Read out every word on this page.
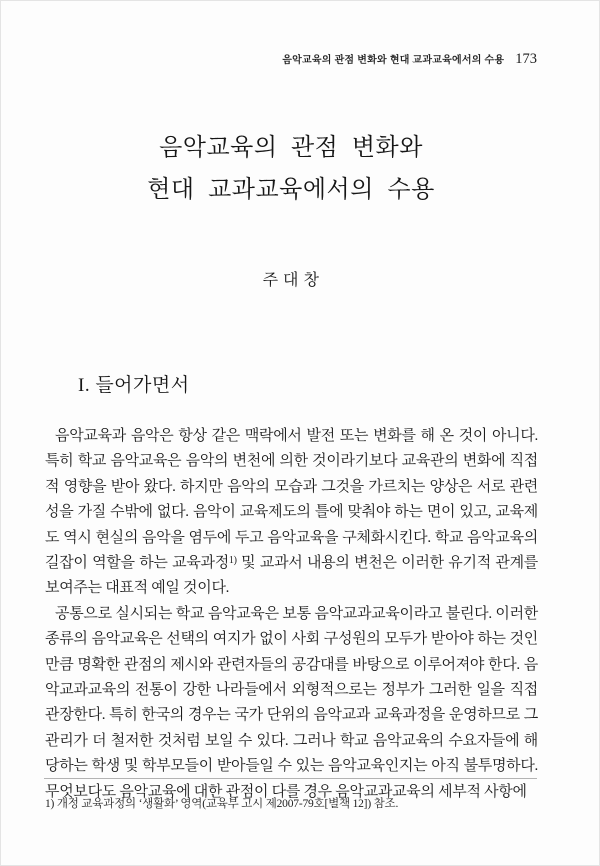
음악교육의 관점 변화와 현대 교과교육에서의 수용 173
음악교육의 관점 변화와
현대 교과교육에서의 수용
주 대 창
I. 들어가면서

음악교육과 음악은 항상 같은 맥락에서 발전 또는 변화를 해 온 것이 아니다. 특히 학교 음악교육은 음악의 변천에 의한 것이라기보다 교육관의 변화에 직접적 영향을 받아 왔다. 하지만 음악의 모습과 그것을 가르치는 양상은 서로 관련성을 가질 수밖에 없다. 음악이 교육제도의 틀에 맞춰야 하는 면이 있고, 교육제도 역시 현실의 음악을 염두에 두고 음악교육을 구체화시킨다. 학교 음악교육의 길잡이 역할을 하는 교육과정$^{1)}$ 및 교과서 내용의 변천은 이러한 유기적 관계를 보여주는 대표적 예일 것이다.

공통으로 실시되는 학교 음악교육은 보통 음악교과교육이라고 불린다. 이러한 종류의 음악교육은 선택의 여지가 없이 사회 구성원의 모두가 받아야 하는 것인 만큼 명확한 관점의 제시와 관련자들의 공감대를 바탕으로 이루어져야 한다. 음악교과교육의 전통이 강한 나라들에서 외형적으로는 정부가 그러한 일을 직접 관장한다. 특히 한국의 경우는 국가 단위의 음악교과 교육과정을 운영하므로 그 관리가 더 철저한 것처럼 보일 수 있다. 그러나 학교 음악교육의 수요자들에 해당하는 학생 및 학부모들이 받아들일 수 있는 음악교육인지는 아직 불투명하다. 무엇보다도 음악교육에 대한 관점이 다를 경우 음악교과교육의 세부적 사항에

1) 개정 교육과정의 ‘생활화’ 영역(교육부 고시 제2007-79호[별책 12]) 참조.
